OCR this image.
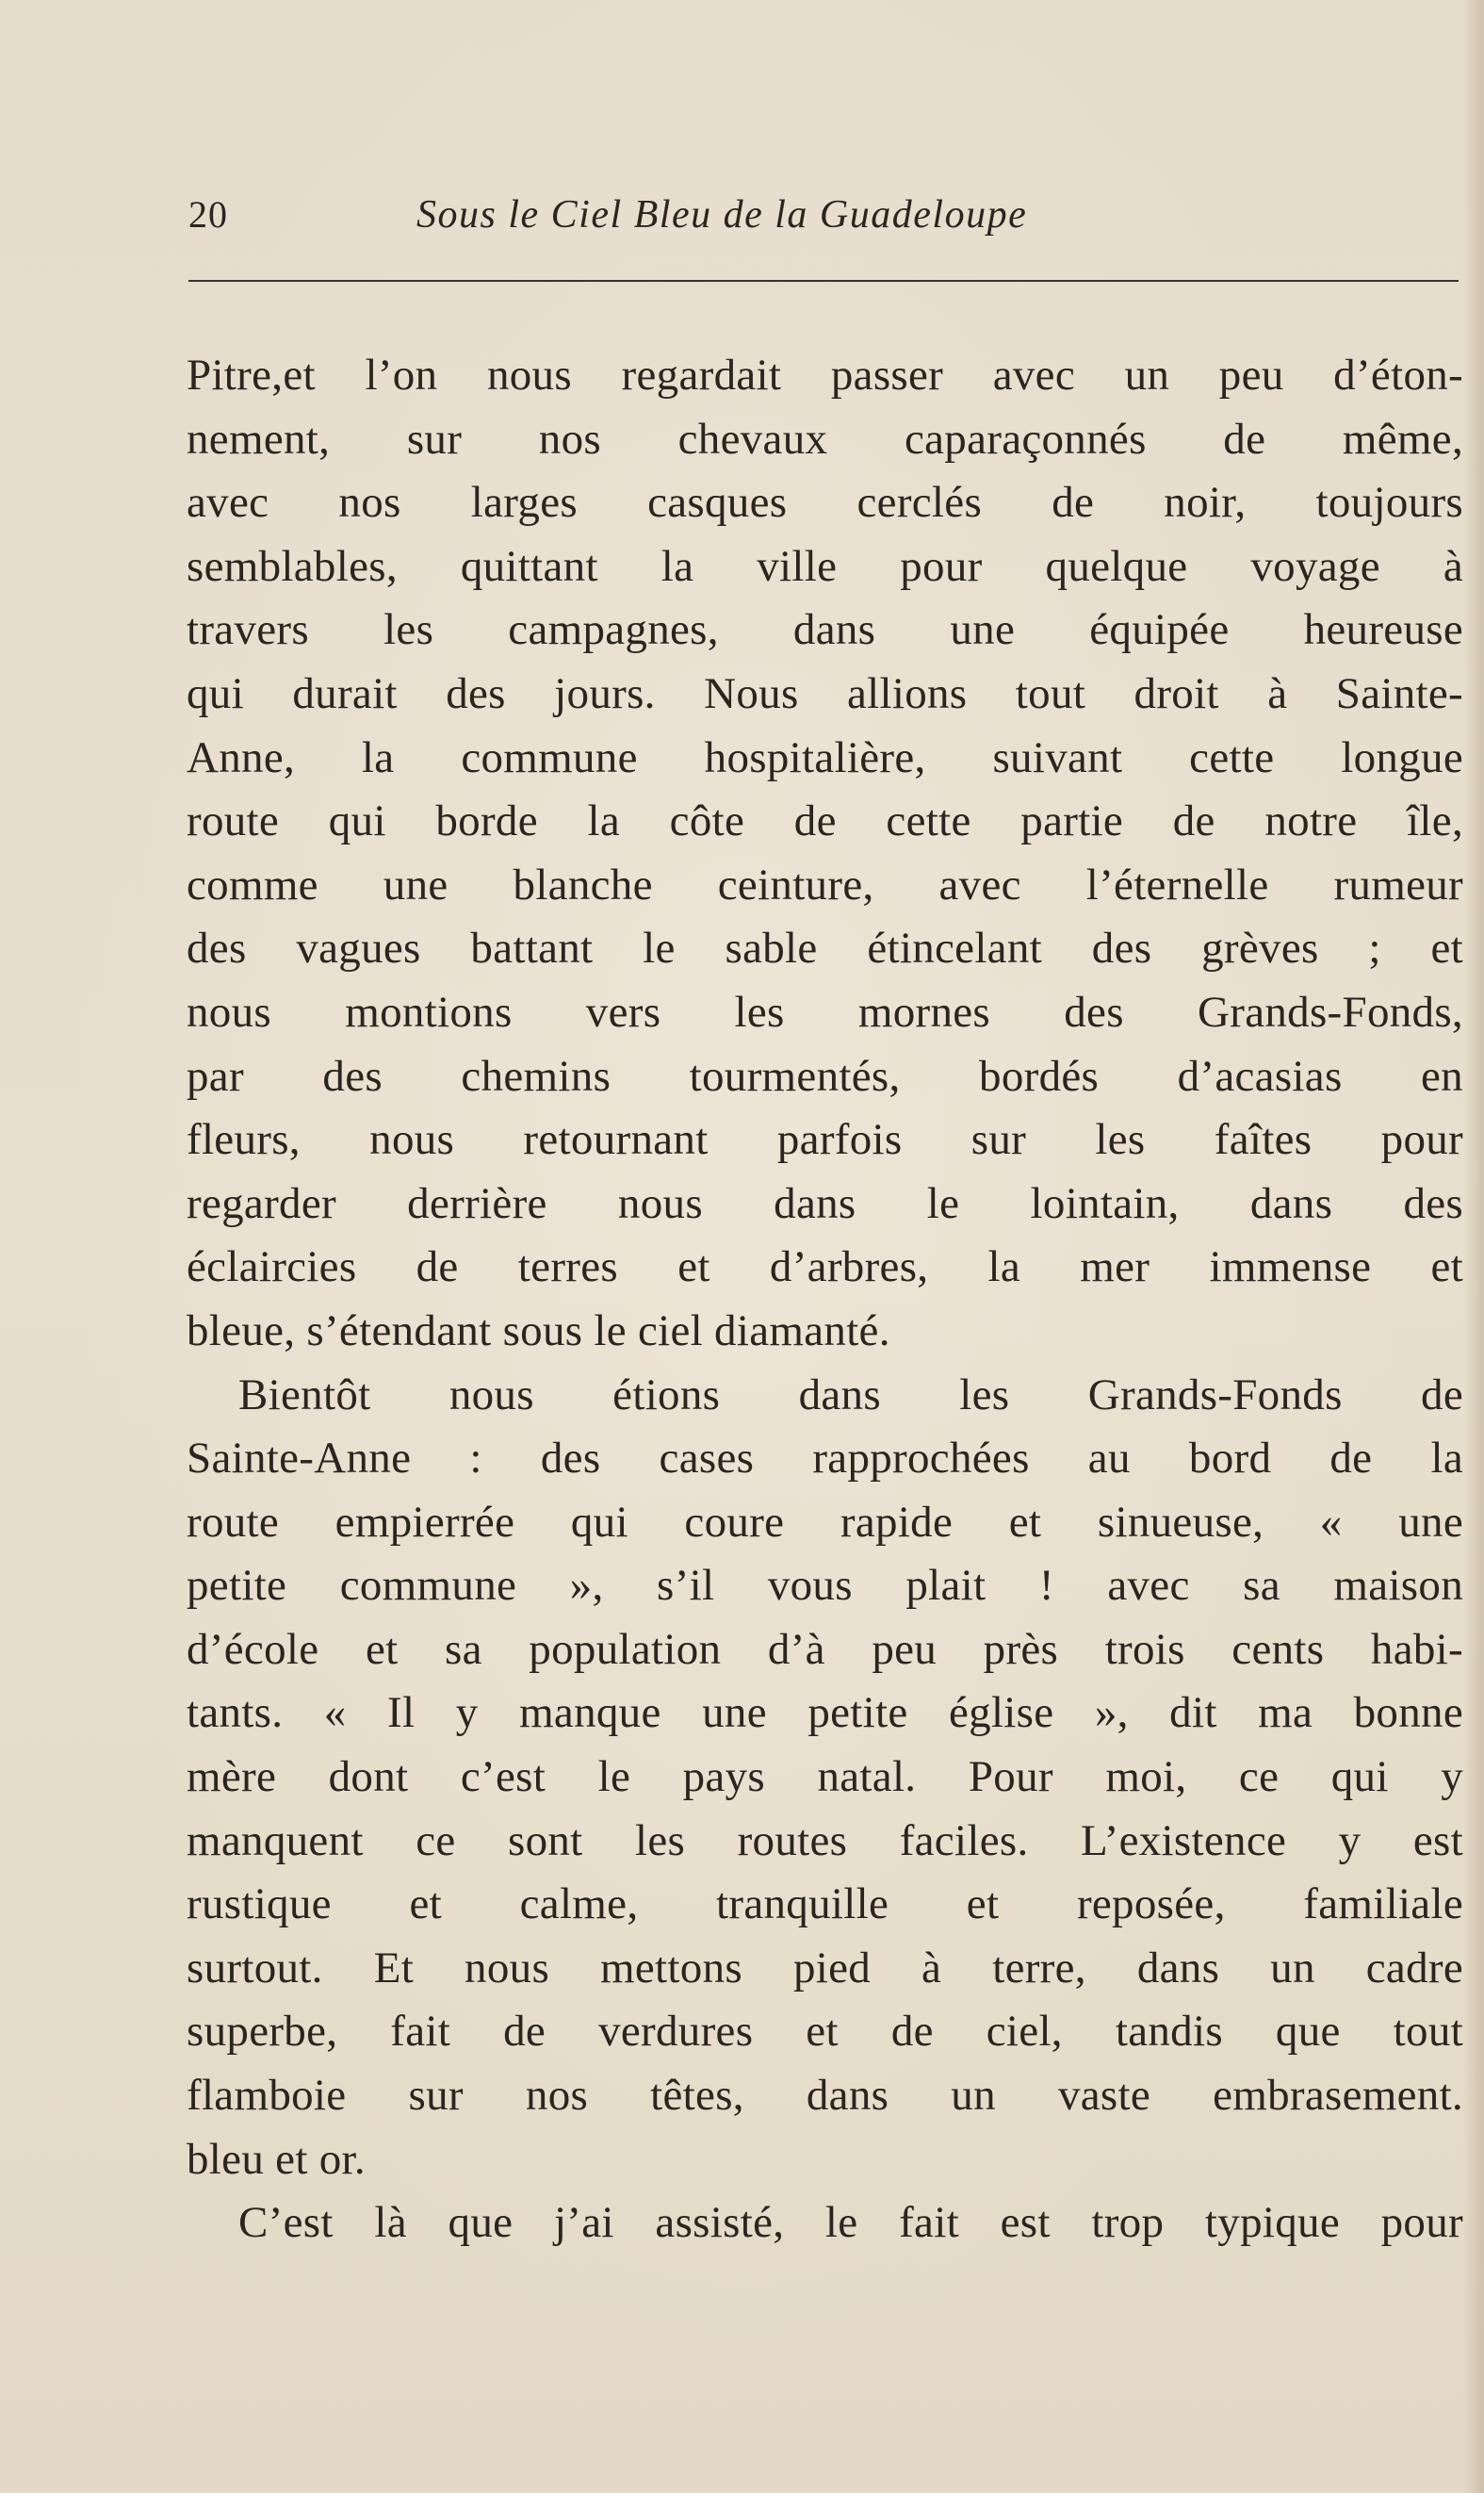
20	Sous le Ciel Bleu de la Guadeloupe
Pitre,et l’on nous regardait passer avec un peu d’éton-
nement, sur nos chevaux caparaçonnés de même,
avec nos larges casques cerclés de noir, toujours
semblables, quittant la ville pour quelque voyage à
travers les campagnes, dans une équipée heureuse
qui durait des jours. Nous allions tout droit à Sainte-
Anne, la commune hospitalière, suivant cette longue
route qui borde la côte de cette partie de notre île,
comme une blanche ceinture, avec l’éternelle rumeur
des vagues battant le sable étincelant des grèves ; et
nous montions vers les mornes des Grands-Fonds,
par des chemins tourmentés, bordés d’acasias en
fleurs, nous retournant parfois sur les faîtes pour
regarder derrière nous dans le lointain, dans des
éclaircies de terres et d’arbres, la mer immense et
bleue, s’étendant sous le ciel diamanté.
Bientôt nous étions dans les Grands-Fonds de
Sainte-Anne : des cases rapprochées au bord de la
route empierrée qui coure rapide et sinueuse, « une
petite commune », s’il vous plait ! avec sa maison
d’école et sa population d’à peu près trois cents habi-
tants. « Il y manque une petite église », dit ma bonne
mère dont c’est le pays natal. Pour moi, ce qui y
manquent ce sont les routes faciles. L’existence y est
rustique et calme, tranquille et reposée, familiale
surtout. Et nous mettons pied à terre, dans un cadre
superbe, fait de verdures et de ciel, tandis que tout
flamboie sur nos têtes, dans un vaste embrasement.
bleu et or.
C’est là que j’ai assisté, le fait est trop typique pour
